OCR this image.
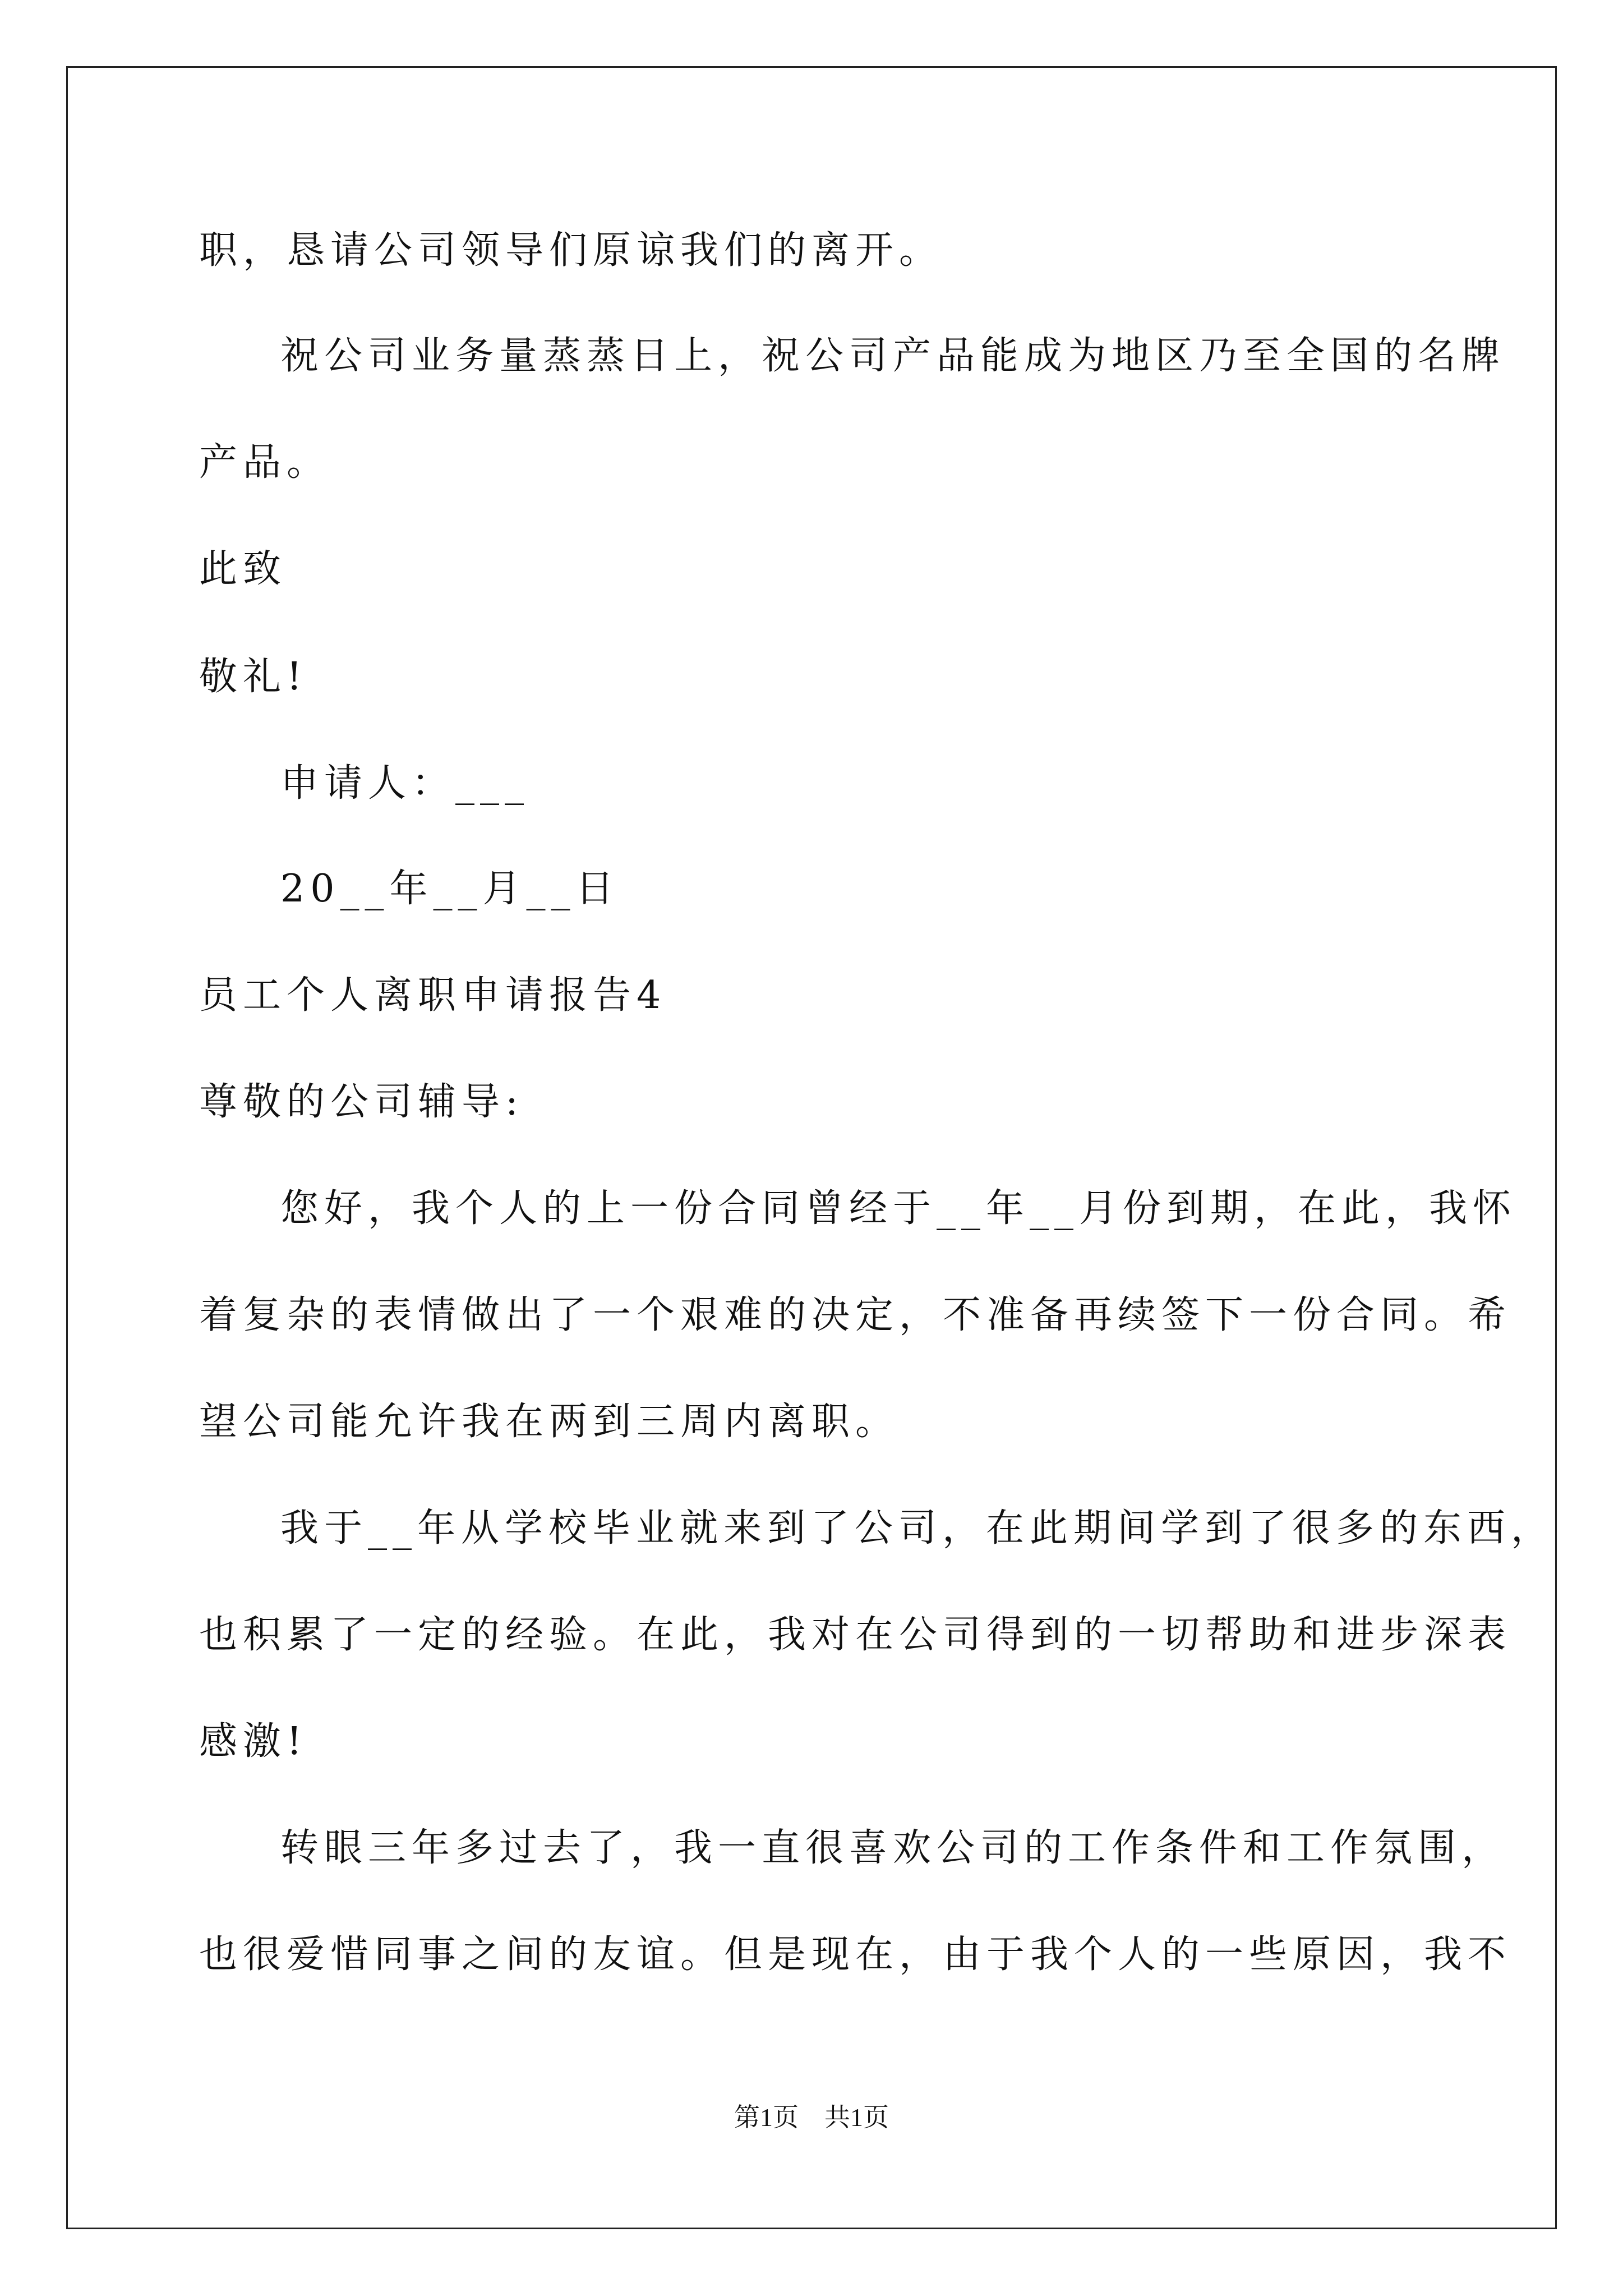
职，恳请公司领导们原谅我们的离开。
祝公司业务量蒸蒸日上，祝公司产品能成为地区乃至全国的名牌
产品。
此致
敬礼!
申请人：___
20__年__月__日
员工个人离职申请报告4
尊敬的公司辅导:
您好，我个人的上一份合同曾经于__年__月份到期，在此，我怀
着复杂的表情做出了一个艰难的决定，不准备再续签下一份合同。希
望公司能允许我在两到三周内离职。
我于__年从学校毕业就来到了公司，在此期间学到了很多的东西，
也积累了一定的经验。在此，我对在公司得到的一切帮助和进步深表
感激!
转眼三年多过去了，我一直很喜欢公司的工作条件和工作氛围，
也很爱惜同事之间的友谊。但是现在，由于我个人的一些原因，我不
第1页 共1页
